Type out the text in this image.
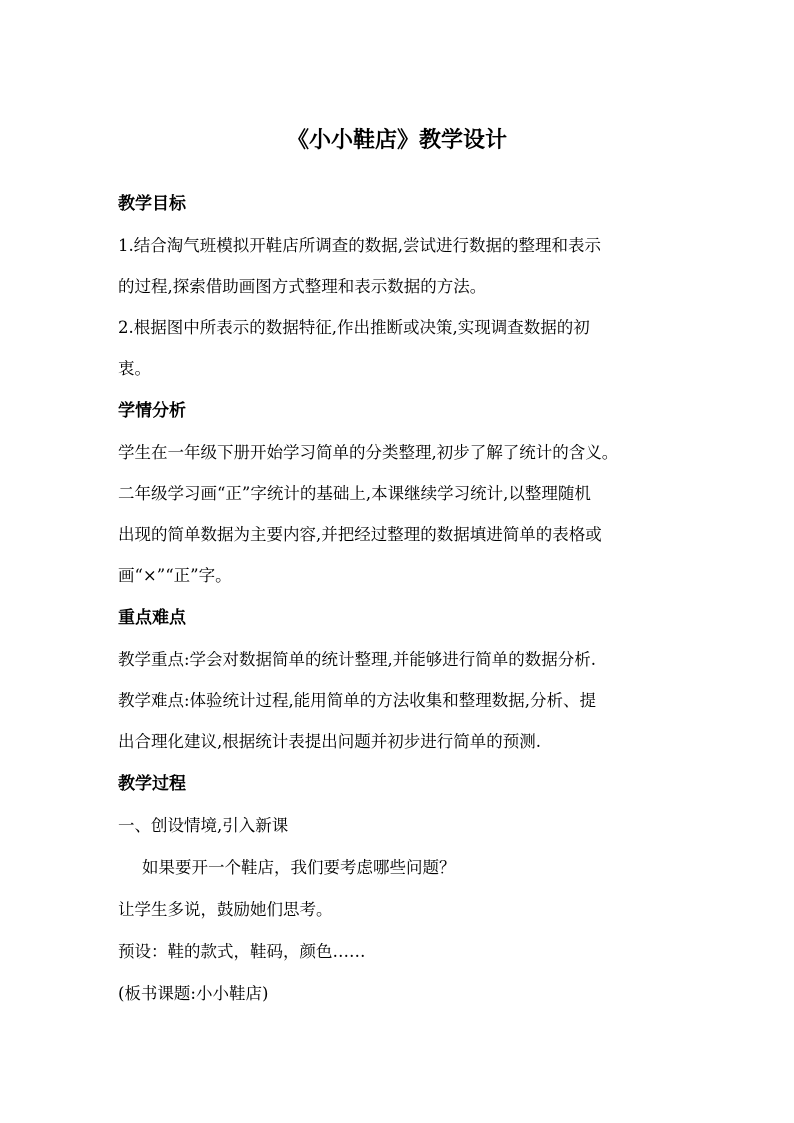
《小小鞋店》教学设计
教学目标
1.结合淘气班模拟开鞋店所调查的数据,尝试进行数据的整理和表示
的过程,探索借助画图方式整理和表示数据的方法。
2.根据图中所表示的数据特征,作出推断或决策,实现调查数据的初
衷。
学情分析
学生在一年级下册开始学习简单的分类整理,初步了解了统计的含义。
二年级学习画“正”字统计的基础上,本课继续学习统计,以整理随机
出现的简单数据为主要内容,并把经过整理的数据填进简单的表格或
画“×”“正”字。
重点难点
教学重点:学会对数据简单的统计整理,并能够进行简单的数据分析.
教学难点:体验统计过程,能用简单的方法收集和整理数据,分析、提
出合理化建议,根据统计表提出问题并初步进行简单的预测.
教学过程
一、创设情境,引入新课
如果要开一个鞋店，我们要考虑哪些问题？
让学生多说，鼓励她们思考。
预设：鞋的款式，鞋码，颜色……
(板书课题:小小鞋店)
